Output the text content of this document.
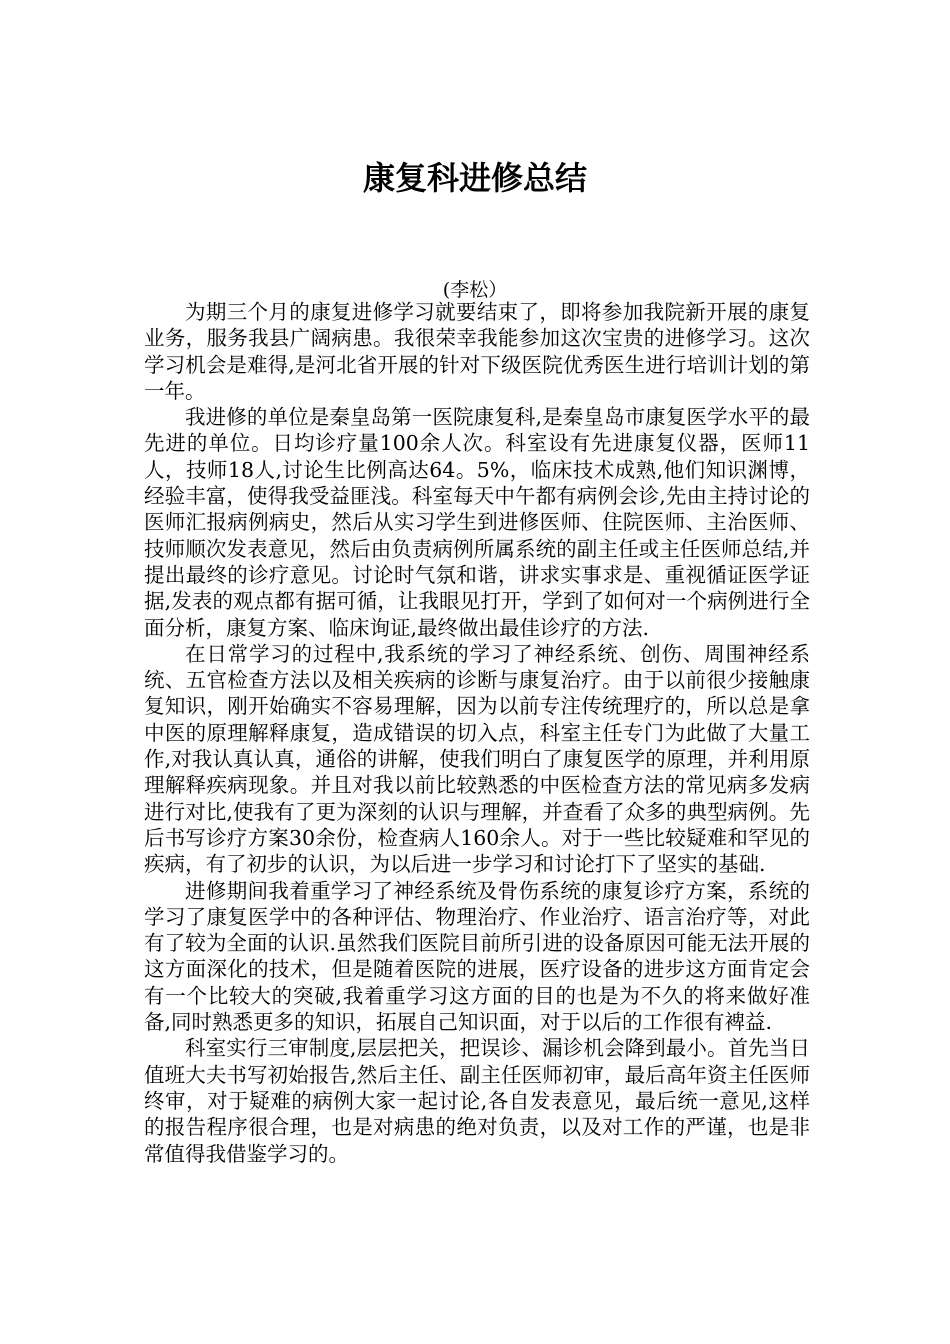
康复科进修总结

(李松）

为期三个月的康复进修学习就要结束了，即将参加我院新开展的康复业务，服务我县广阔病患。我很荣幸我能参加这次宝贵的进修学习。这次学习机会是难得,是河北省开展的针对下级医院优秀医生进行培训计划的第一年。

我进修的单位是秦皇岛第一医院康复科,是秦皇岛市康复医学水平的最先进的单位。日均诊疗量100余人次。科室设有先进康复仪器，医师11人，技师18人,讨论生比例高达64。5%，临床技术成熟,他们知识渊博，经验丰富，使得我受益匪浅。科室每天中午都有病例会诊,先由主持讨论的医师汇报病例病史，然后从实习学生到进修医师、住院医师、主治医师、技师顺次发表意见，然后由负责病例所属系统的副主任或主任医师总结,并提出最终的诊疗意见。讨论时气氛和谐，讲求实事求是、重视循证医学证据,发表的观点都有据可循，让我眼见打开，学到了如何对一个病例进行全面分析，康复方案、临床询证,最终做出最佳诊疗的方法.

在日常学习的过程中,我系统的学习了神经系统、创伤、周围神经系统、五官检查方法以及相关疾病的诊断与康复治疗。由于以前很少接触康复知识，刚开始确实不容易理解，因为以前专注传统理疗的，所以总是拿中医的原理解释康复，造成错误的切入点，科室主任专门为此做了大量工作,对我认真认真，通俗的讲解，使我们明白了康复医学的原理，并利用原理解释疾病现象。并且对我以前比较熟悉的中医检查方法的常见病多发病进行对比,使我有了更为深刻的认识与理解，并查看了众多的典型病例。先后书写诊疗方案30余份，检查病人160余人。对于一些比较疑难和罕见的疾病，有了初步的认识，为以后进一步学习和讨论打下了坚实的基础.

进修期间我着重学习了神经系统及骨伤系统的康复诊疗方案，系统的学习了康复医学中的各种评估、物理治疗、作业治疗、语言治疗等，对此有了较为全面的认识.虽然我们医院目前所引进的设备原因可能无法开展的这方面深化的技术，但是随着医院的进展，医疗设备的进步这方面肯定会有一个比较大的突破,我着重学习这方面的目的也是为不久的将来做好准备,同时熟悉更多的知识，拓展自己知识面，对于以后的工作很有裨益.

科室实行三审制度,层层把关，把误诊、漏诊机会降到最小。首先当日值班大夫书写初始报告,然后主任、副主任医师初审，最后高年资主任医师终审，对于疑难的病例大家一起讨论,各自发表意见，最后统一意见,这样的报告程序很合理，也是对病患的绝对负责，以及对工作的严谨，也是非常值得我借鉴学习的。
